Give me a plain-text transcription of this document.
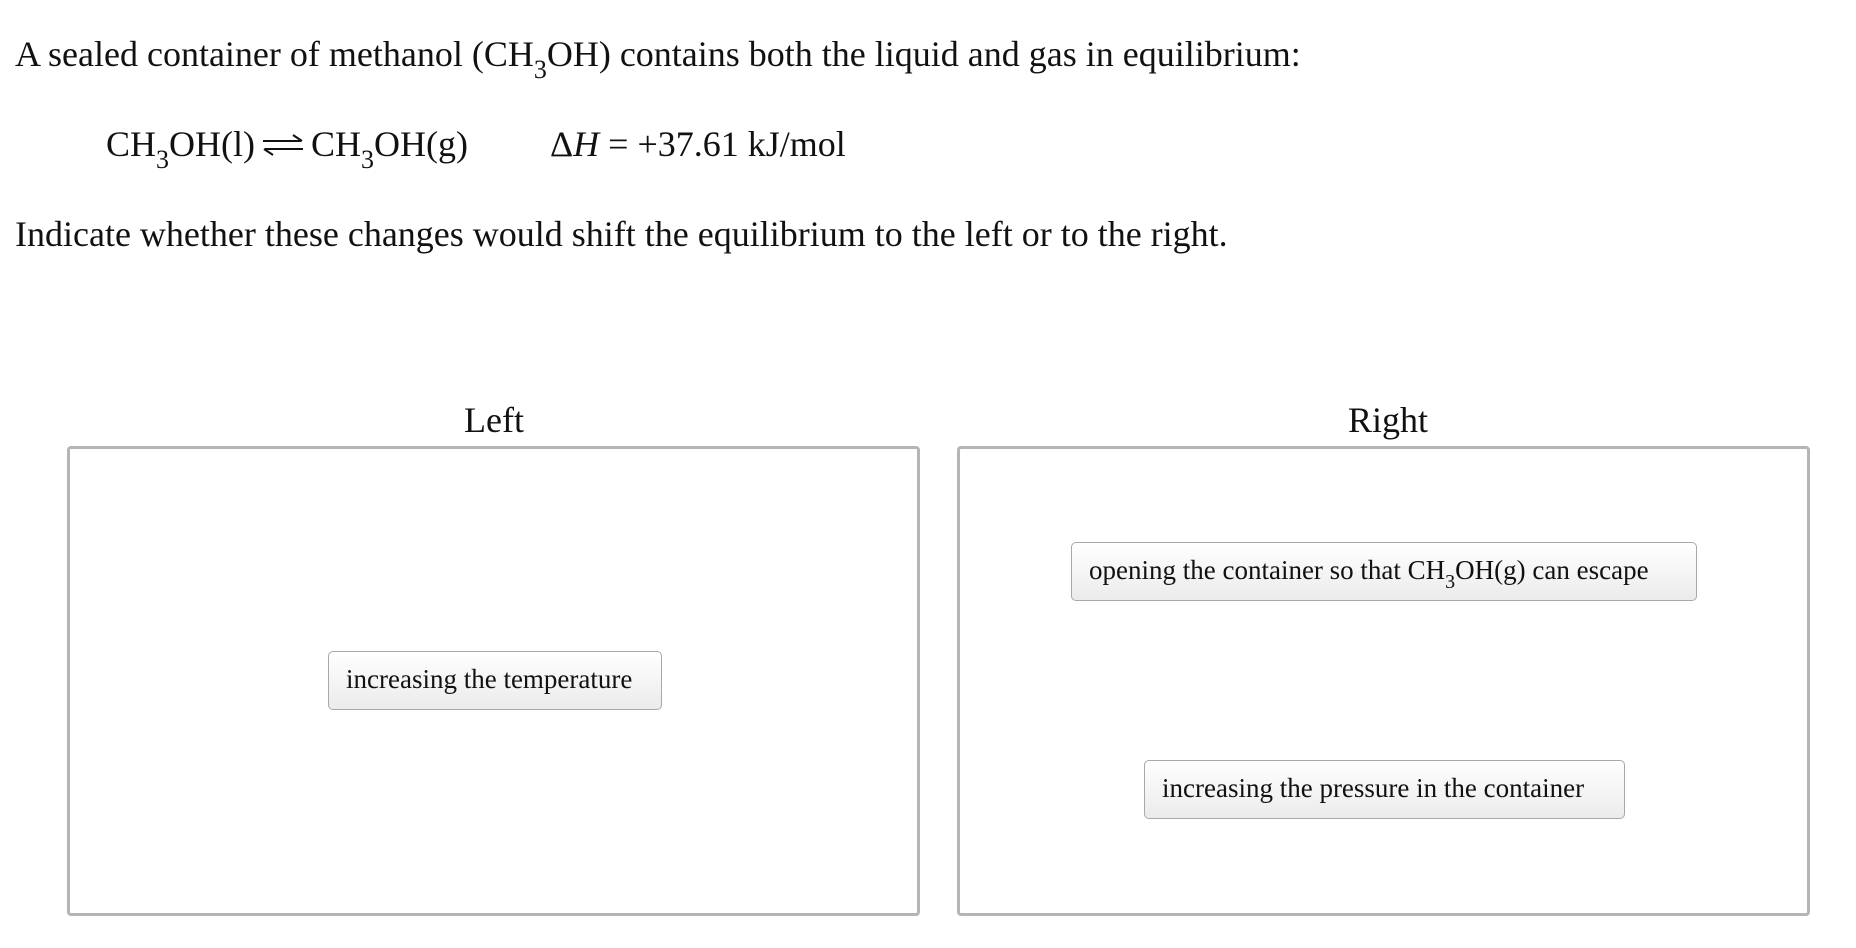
A sealed container of methanol $(CH_3OH)$ contains both the liquid and gas in equilibrium:
$CH_3OH(l)$ ⇌ $CH_3OH(g) \Delta H = +37.61$ kJ/mol
Indicate whether these changes would shift the equilibrium to the left or to the right.
Left	Right
increasing the temperature
opening the container so that $CH_3OH(g)$ can escape
increasing the pressure in the container
